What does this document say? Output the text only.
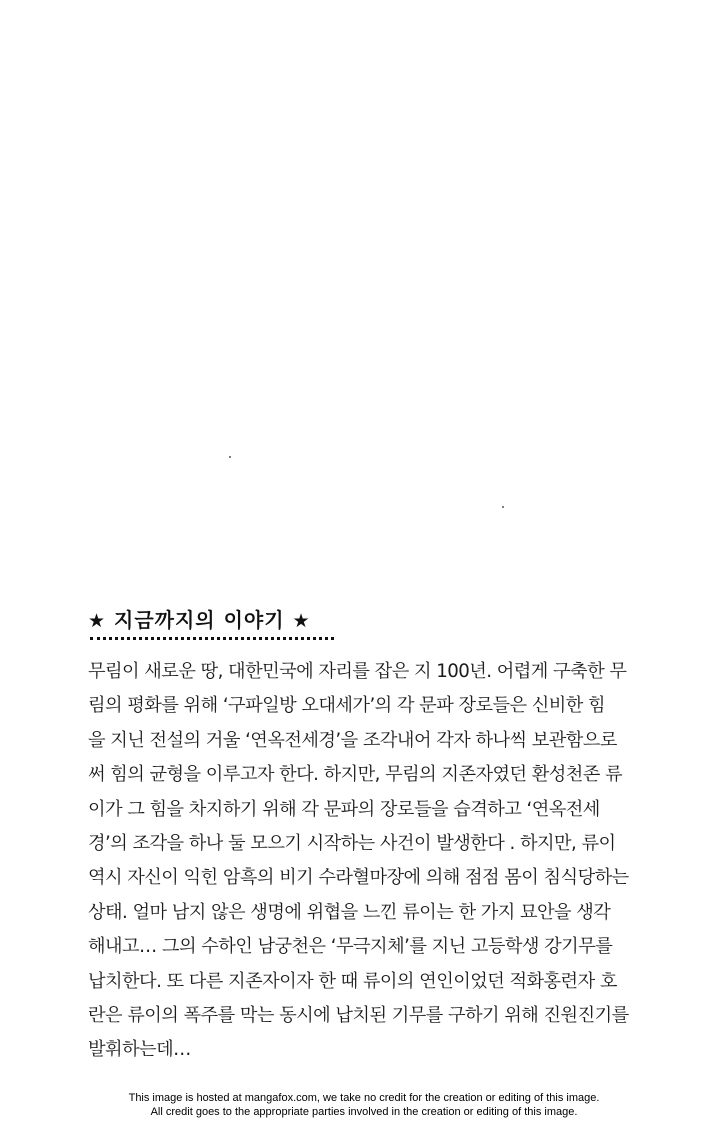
★ 지금까지의 이야기 ★
무림이 새로운 땅, 대한민국에 자리를 잡은 지 100년. 어렵게 구축한 무
림의 평화를 위해 ‘구파일방 오대세가’의 각 문파 장로들은 신비한 힘
을 지닌 전설의 거울 ‘연옥전세경’을 조각내어 각자 하나씩 보관함으로
써 힘의 균형을 이루고자 한다. 하지만, 무림의 지존자였던 환성천존 류
이가 그 힘을 차지하기 위해 각 문파의 장로들을 습격하고 ‘연옥전세
경’의 조각을 하나 둘 모으기 시작하는 사건이 발생한다 . 하지만, 류이
역시 자신이 익힌 암흑의 비기 수라혈마장에 의해 점점 몸이 침식당하는
상태. 얼마 남지 않은 생명에 위협을 느낀 류이는 한 가지 묘안을 생각
해내고… 그의 수하인 남궁천은 ‘무극지체’를 지닌 고등학생 강기무를
납치한다. 또 다른 지존자이자 한 때 류이의 연인이었던 적화홍련자 호
란은 류이의 폭주를 막는 동시에 납치된 기무를 구하기 위해 진원진기를
발휘하는데…
This image is hosted at mangafox.com, we take no credit for the creation or editing of this image.
All credit goes to the appropriate parties involved in the creation or editing of this image.
